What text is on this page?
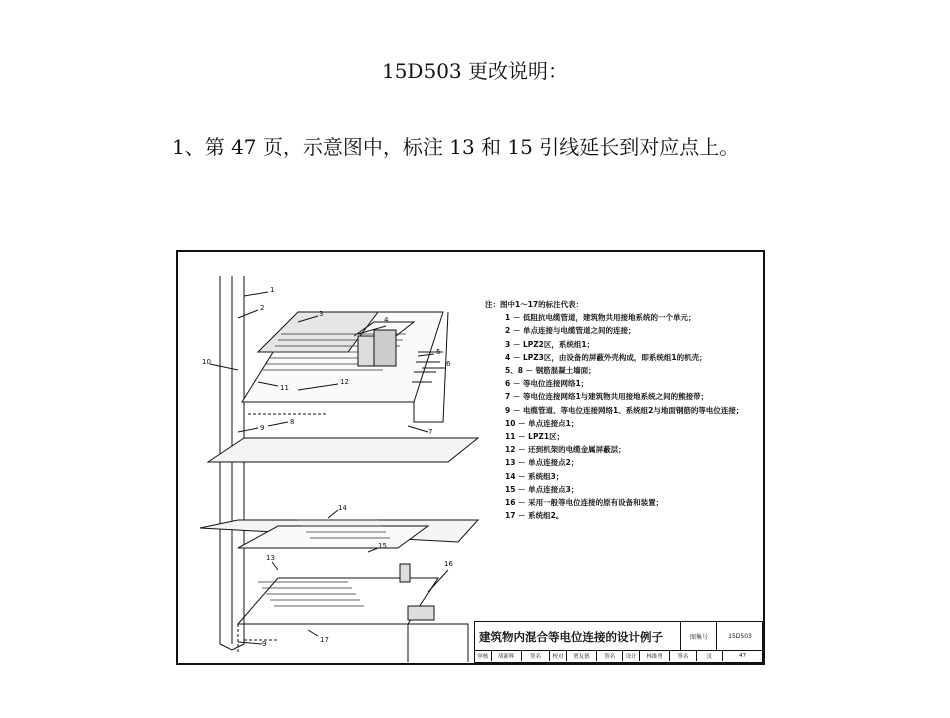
15D503 更改说明：
1、第 47 页，示意图中，标注 13 和 15 引线延长到对应点上。
1
2
3
4
5
6
10
11
12
8
9	7
14
15
13
16
17
9
注：图中1～17的标注代表：
1 － 低阻抗电缆管道，建筑物共用接地系统的一个单元；
2 － 单点连接与电缆管道之间的连接；
3 － LPZ2区，系统组1；
4 － LPZ3区，由设备的屏蔽外壳构成，即系统组1的机壳；
5、8 － 钢筋混凝土墙面；
6 － 等电位连接网络1；
7 － 等电位连接网络1与建筑物共用接地系统之间的熊接带；
9 － 电缆管道、等电位连接网络1、系统组2与地面钢筋的等电位连接；
10 － 单点连接点1；
11 － LPZ1区；
12 － 还到机架的电缆金属屏蔽层；
13 － 单点连接点2；
14 － 系统组3；
15 － 单点连接点3；
16 － 采用一般等电位连接的原有设备和装置；
17 － 系统组2。
建筑物内混合等电位连接的设计例子	图集号	15D503
审核	胡新辉	签名	校对	贾友德	签名	设计	林维勇	签名	页	47
